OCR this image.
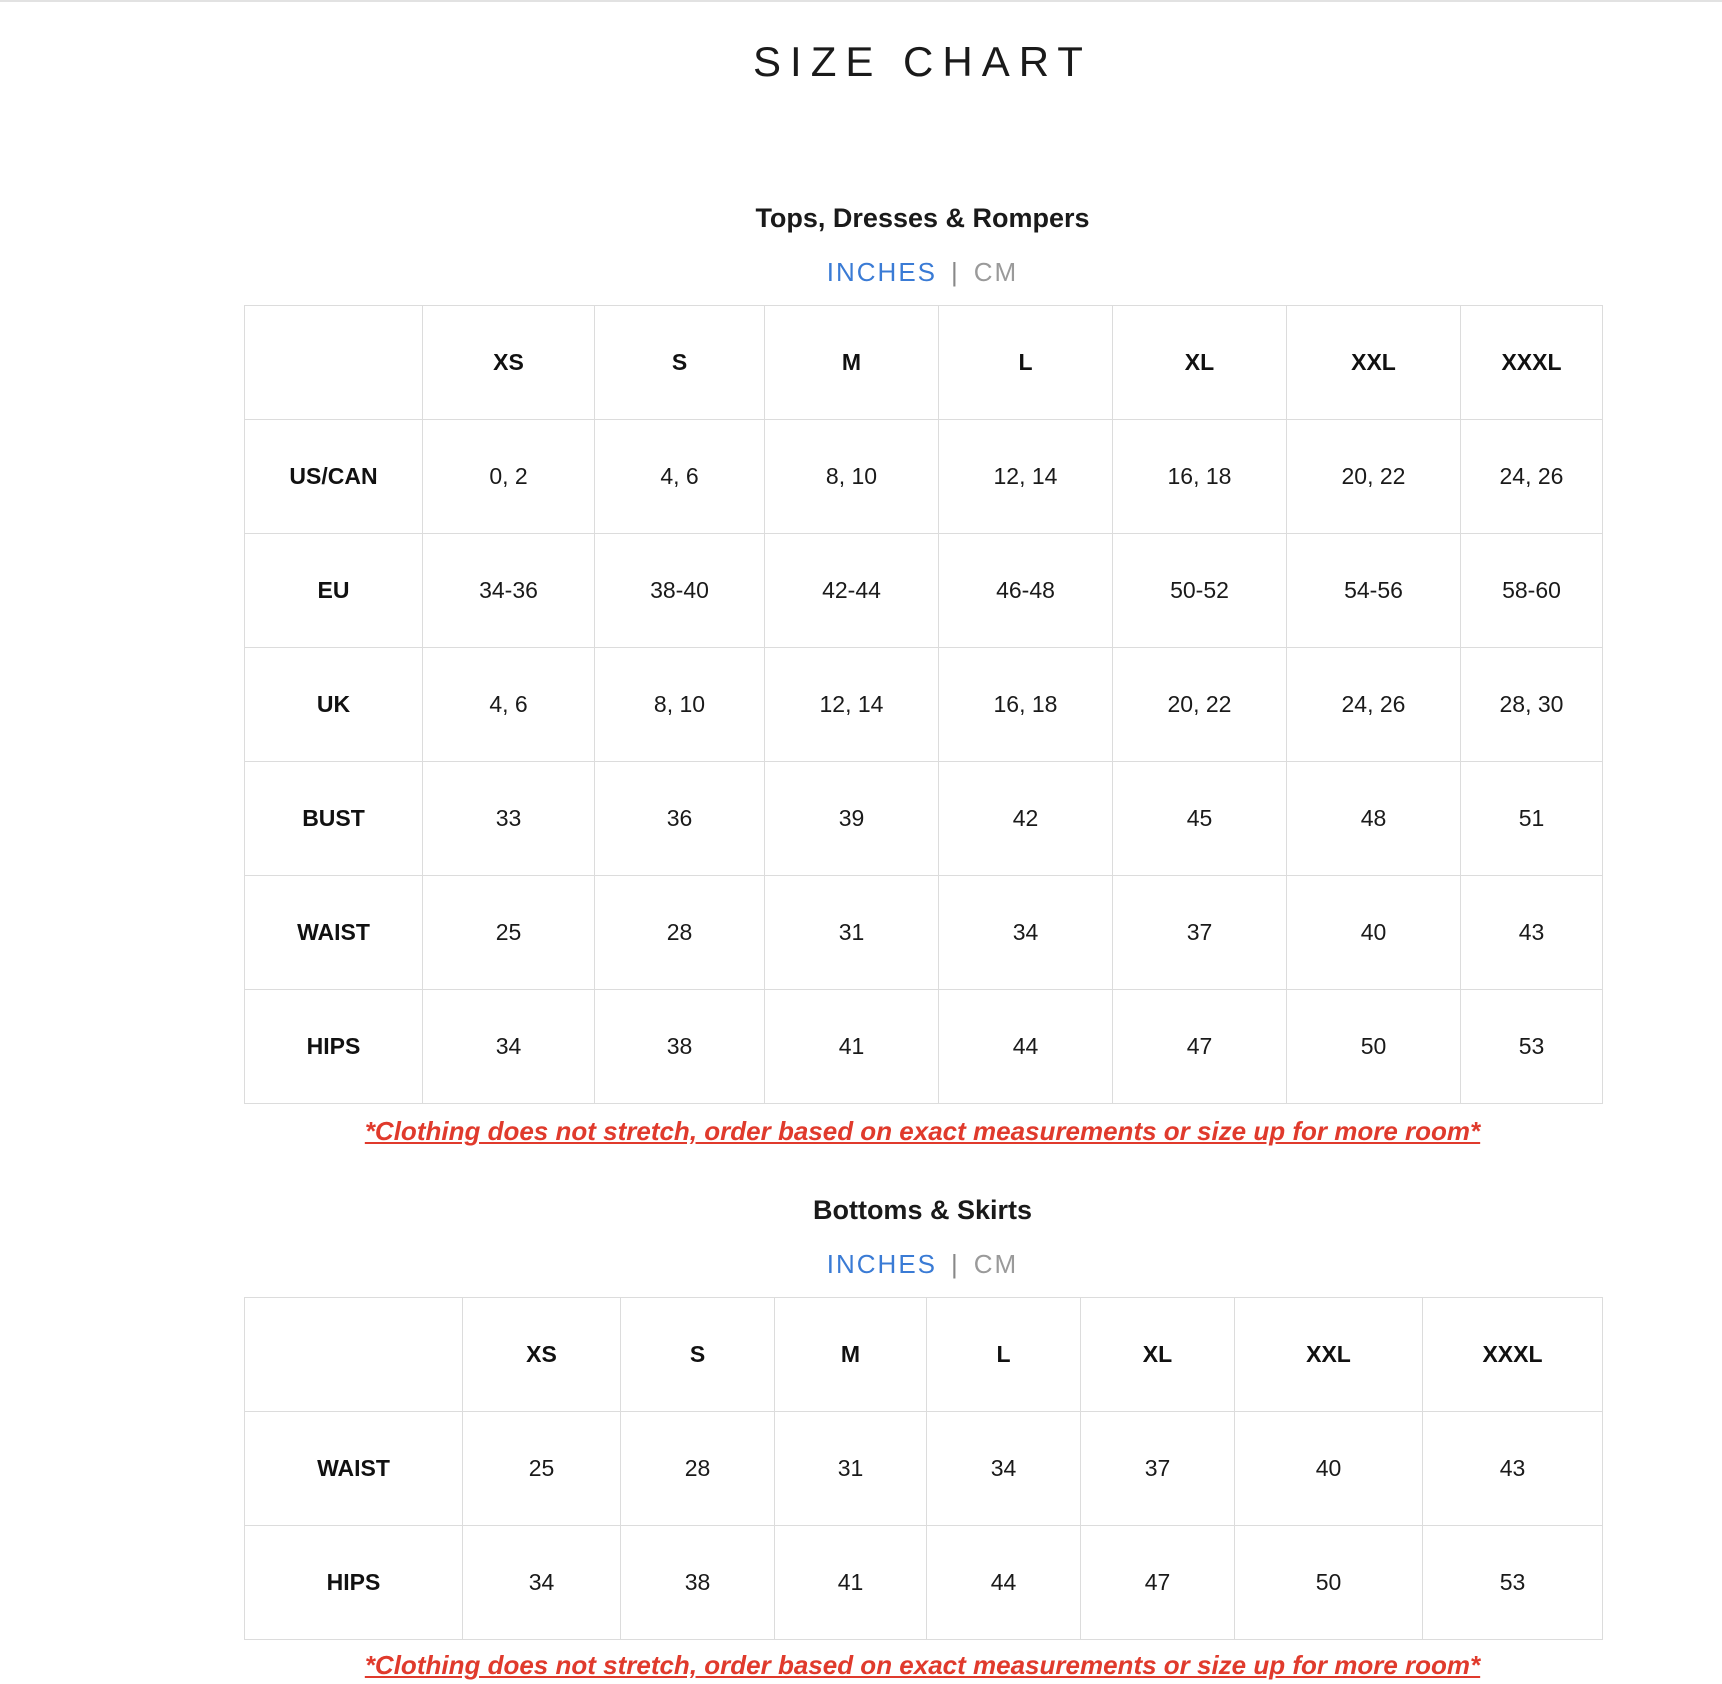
SIZE CHART
Tops, Dresses & Rompers
INCHES | CM
	XS	S	M	L	XL	XXL	XXXL
US/CAN	0, 2	4, 6	8, 10	12, 14	16, 18	20, 22	24, 26
EU	34-36	38-40	42-44	46-48	50-52	54-56	58-60
UK	4, 6	8, 10	12, 14	16, 18	20, 22	24, 26	28, 30
BUST	33	36	39	42	45	48	51
WAIST	25	28	31	34	37	40	43
HIPS	34	38	41	44	47	50	53
*Clothing does not stretch, order based on exact measurements or size up for more room*
Bottoms & Skirts
INCHES | CM
	XS	S	M	L	XL	XXL	XXXL
WAIST	25	28	31	34	37	40	43
HIPS	34	38	41	44	47	50	53
*Clothing does not stretch, order based on exact measurements or size up for more room*
